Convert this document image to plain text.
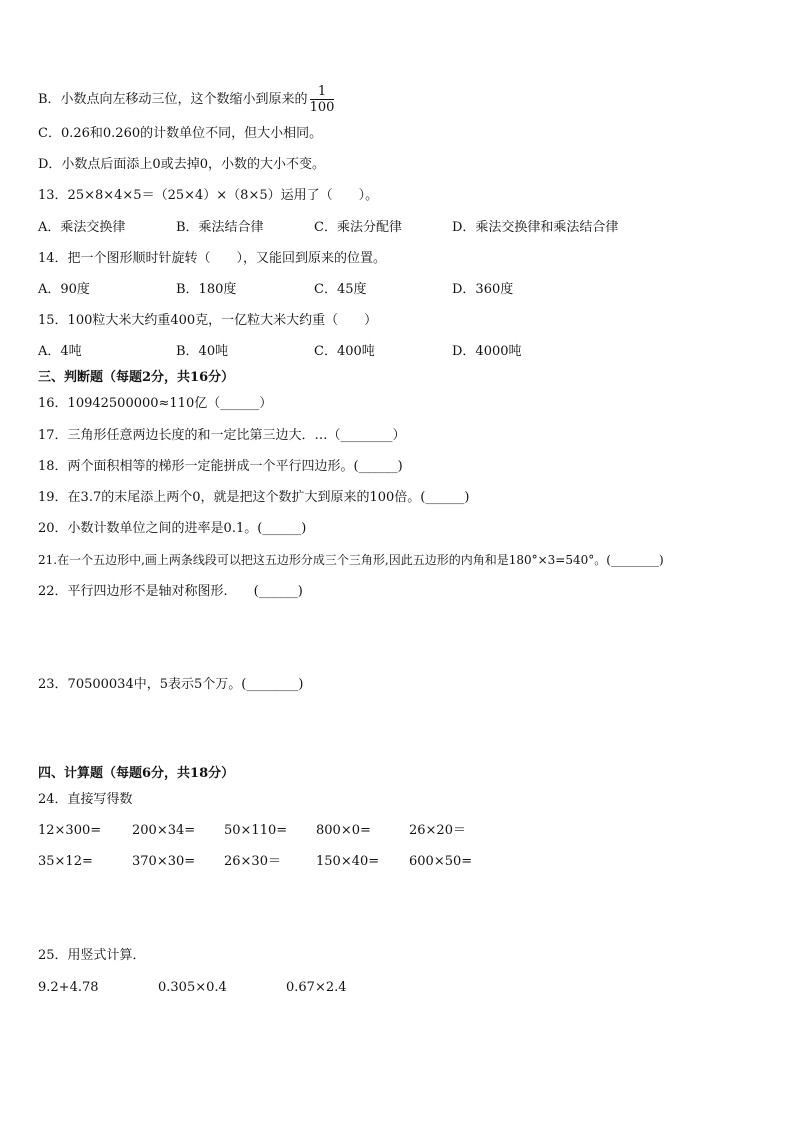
B．小数点向左移动三位，这个数缩小到原来的 $\frac{1}{100}$
C．0.26和0.260的计数单位不同，但大小相同。
D．小数点后面添上0或去掉0，小数的大小不变。
13．25×8×4×5＝（25×4）×（8×5）运用了（　　）。
A．乘法交换律	B．乘法结合律	C．乘法分配律	D．乘法交换律和乘法结合律
14．把一个图形顺时针旋转（　　），又能回到原来的位置。
A．90度	B．180度	C．45度	D．360度
15．100粒大米大约重400克，一亿粒大米大约重（　　）
A．4吨	B．40吨	C．400吨	D．4000吨
三、判断题（每题2分，共16分）
16．10942500000≈110亿（______）
17．三角形任意两边长度的和一定比第三边大．…（________）
18．两个面积相等的梯形一定能拼成一个平行四边形。(______)
19．在3.7的末尾添上两个0，就是把这个数扩大到原来的100倍。(______)
20．小数计数单位之间的进率是0.1。(______)
21.在一个五边形中,画上两条线段可以把这五边形分成三个三角形,因此五边形的内角和是180°×3=540°。(________)
22．平行四边形不是轴对称图形.　　(______)
23．70500034中，5表示5个万。(________)
四、计算题（每题6分，共18分）
24．直接写得数
12×300= 200×34= 50×110= 800×0=	26×20＝
35×12=	370×30= 26×30＝	150×40= 600×50=
25．用竖式计算．
9.2+4.78	0.305×0.4	0.67×2.4
